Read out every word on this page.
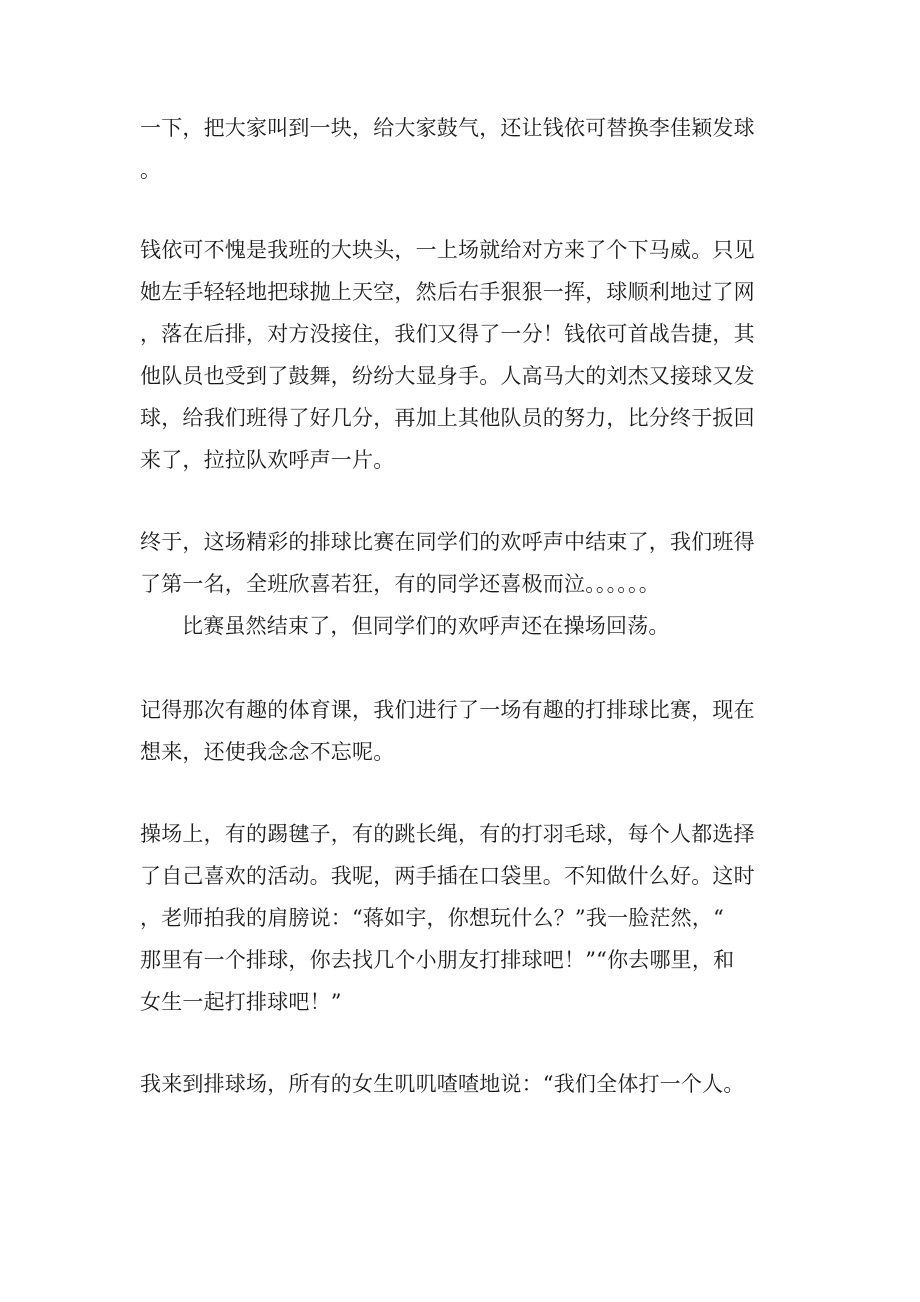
一下，把大家叫到一块，给大家鼓气，还让钱依可替换李佳颖发球
。
钱依可不愧是我班的大块头，一上场就给对方来了个下马威。只见
她左手轻轻地把球抛上天空，然后右手狠狠一挥，球顺利地过了网
，落在后排，对方没接住，我们又得了一分！钱依可首战告捷，其
他队员也受到了鼓舞，纷纷大显身手。人高马大的刘杰又接球又发
球，给我们班得了好几分，再加上其他队员的努力，比分终于扳回
来了，拉拉队欢呼声一片。
终于，这场精彩的排球比赛在同学们的欢呼声中结束了，我们班得
了第一名，全班欣喜若狂，有的同学还喜极而泣。。。。。。
比赛虽然结束了，但同学们的欢呼声还在操场回荡。
记得那次有趣的体育课，我们进行了一场有趣的打排球比赛，现在
想来，还使我念念不忘呢。
操场上，有的踢毽子，有的跳长绳，有的打羽毛球，每个人都选择
了自己喜欢的活动。我呢，两手插在口袋里。不知做什么好。这时
，老师拍我的肩膀说：“蒋如宇，你想玩什么？”我一脸茫然，“
那里有一个排球，你去找几个小朋友打排球吧！”“你去哪里，和
女生一起打排球吧！”
我来到排球场，所有的女生叽叽喳喳地说：“我们全体打一个人。
